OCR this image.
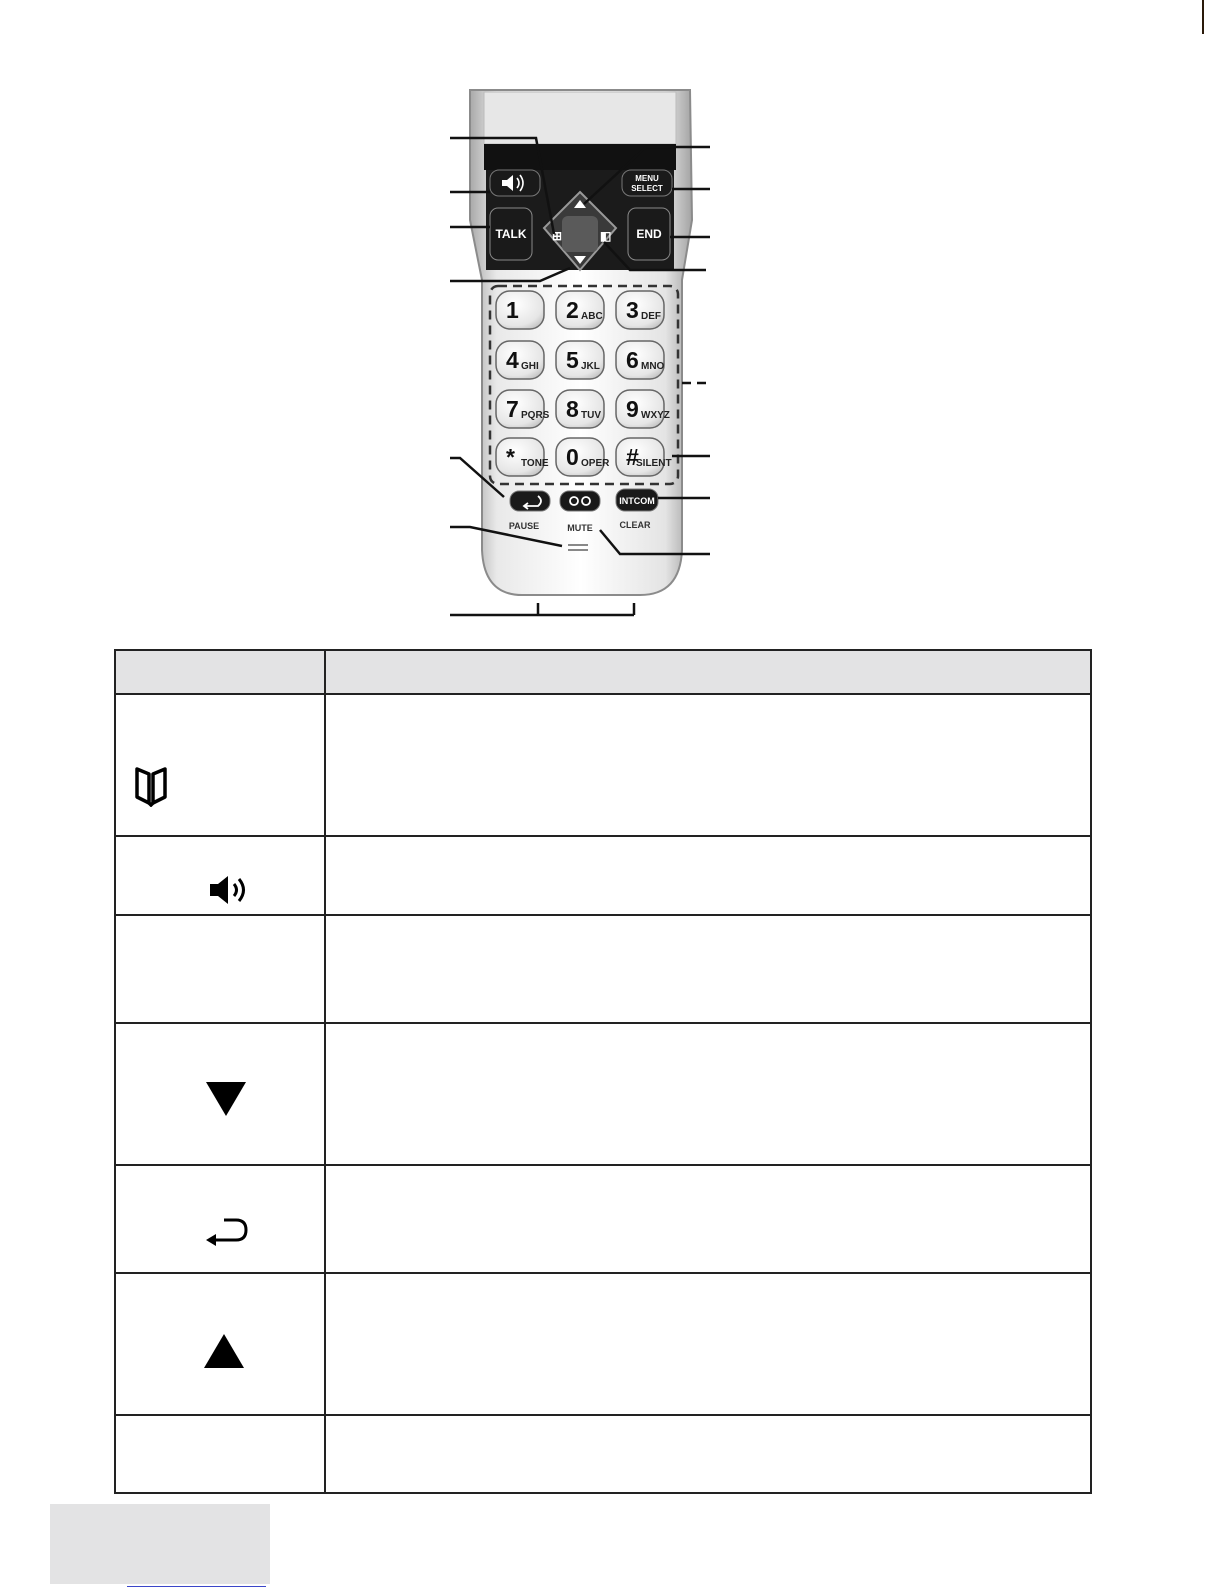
TALK
MENU
SELECT
END
⊞	◧
1 2 ABC 3 DEF
4 GHI 5 JKL 6 MNO
7 PQRS 8 TUV 9 WXYZ
* TONE 0 OPER #
SILENT
PAUSE	MUTE
INTCOM
CLEAR
